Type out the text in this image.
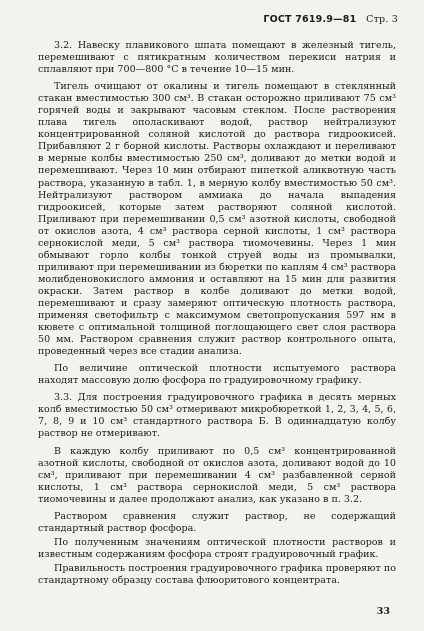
ГОСТ 7619.9—81 Стр. 3

3.2. Навеску плавикового шпата помещают в железный тигель, перемешивают с пятикратным количеством перекиси натрия и сплавляют при 700—800 °С в течение 10—15 мин.

Тигель очищают от окалины и тигель помещают в стеклянный стакан вместимостью 300 см³. В стакан осторожно приливают 75 см³ горячей воды и закрывают часовым стеклом. После растворения плава тигель ополаскивают водой, раствор нейтрализуют концентрированной соляной кислотой до раствора гидроокисей. Прибавляют 2 г борной кислоты. Растворы охлаждают и переливают в мерные колбы вместимостью 250 см³, доливают до метки водой и перемешивают. Через 10 мин отбирают пипеткой аликвотную часть раствора, указанную в табл. 1, в мерную колбу вместимостью 50 см³. Нейтрализуют раствором аммиака до начала выпадения гидроокисей, которые затем растворяют соляной кислотой. Приливают при перемешивании 0,5 см³ азотной кислоты, свободной от окислов азота, 4 см³ раствора серной кислоты, 1 см³ раствора сернокислой меди, 5 см³ раствора тиомочевины. Через 1 мин обмывают горло колбы тонкой струей воды из промывалки, приливают при перемешивании из бюретки по каплям 4 см³ раствора молибденовокислого аммония и оставляют на 15 мин для развития окраски. Затем раствор в колбе доливают до метки водой, перемешивают и сразу замеряют оптическую плотность раствора, применяя светофильтр с максимумом светопропускания 597 нм в кювете с оптимальной толщиной поглощающего свет слоя раствора 50 мм. Раствором сравнения служит раствор контрольного опыта, проведенный через все стадии анализа.

По величине оптической плотности испытуемого раствора находят массовую долю фосфора по градуировочному графику.

3.3. Для построения градуировочного графика в десять мерных колб вместимостью 50 см³ отмеривают микробюреткой 1, 2, 3, 4, 5, 6, 7, 8, 9 и 10 см³ стандартного раствора Б. В одиннадцатую колбу раствор не отмеривают.

В каждую колбу приливают по 0,5 см³ концентрированной азотной кислоты, свободной от окислов азота, доливают водой до 10 см³, приливают при перемешивании 4 см³ разбавленной серной кислоты, 1 см³ раствора сернокислой меди, 5 см³ раствора тиомочевины и далее продолжают анализ, как указано в п. 3.2.

Раствором сравнения служит раствор, не содержащий стандартный раствор фосфора.

По полученным значениям оптической плотности растворов и известным содержаниям фосфора строят градуировочный график.

Правильность построения градуировочного графика проверяют по стандартному образцу состава флюоритового концентрата.

33
